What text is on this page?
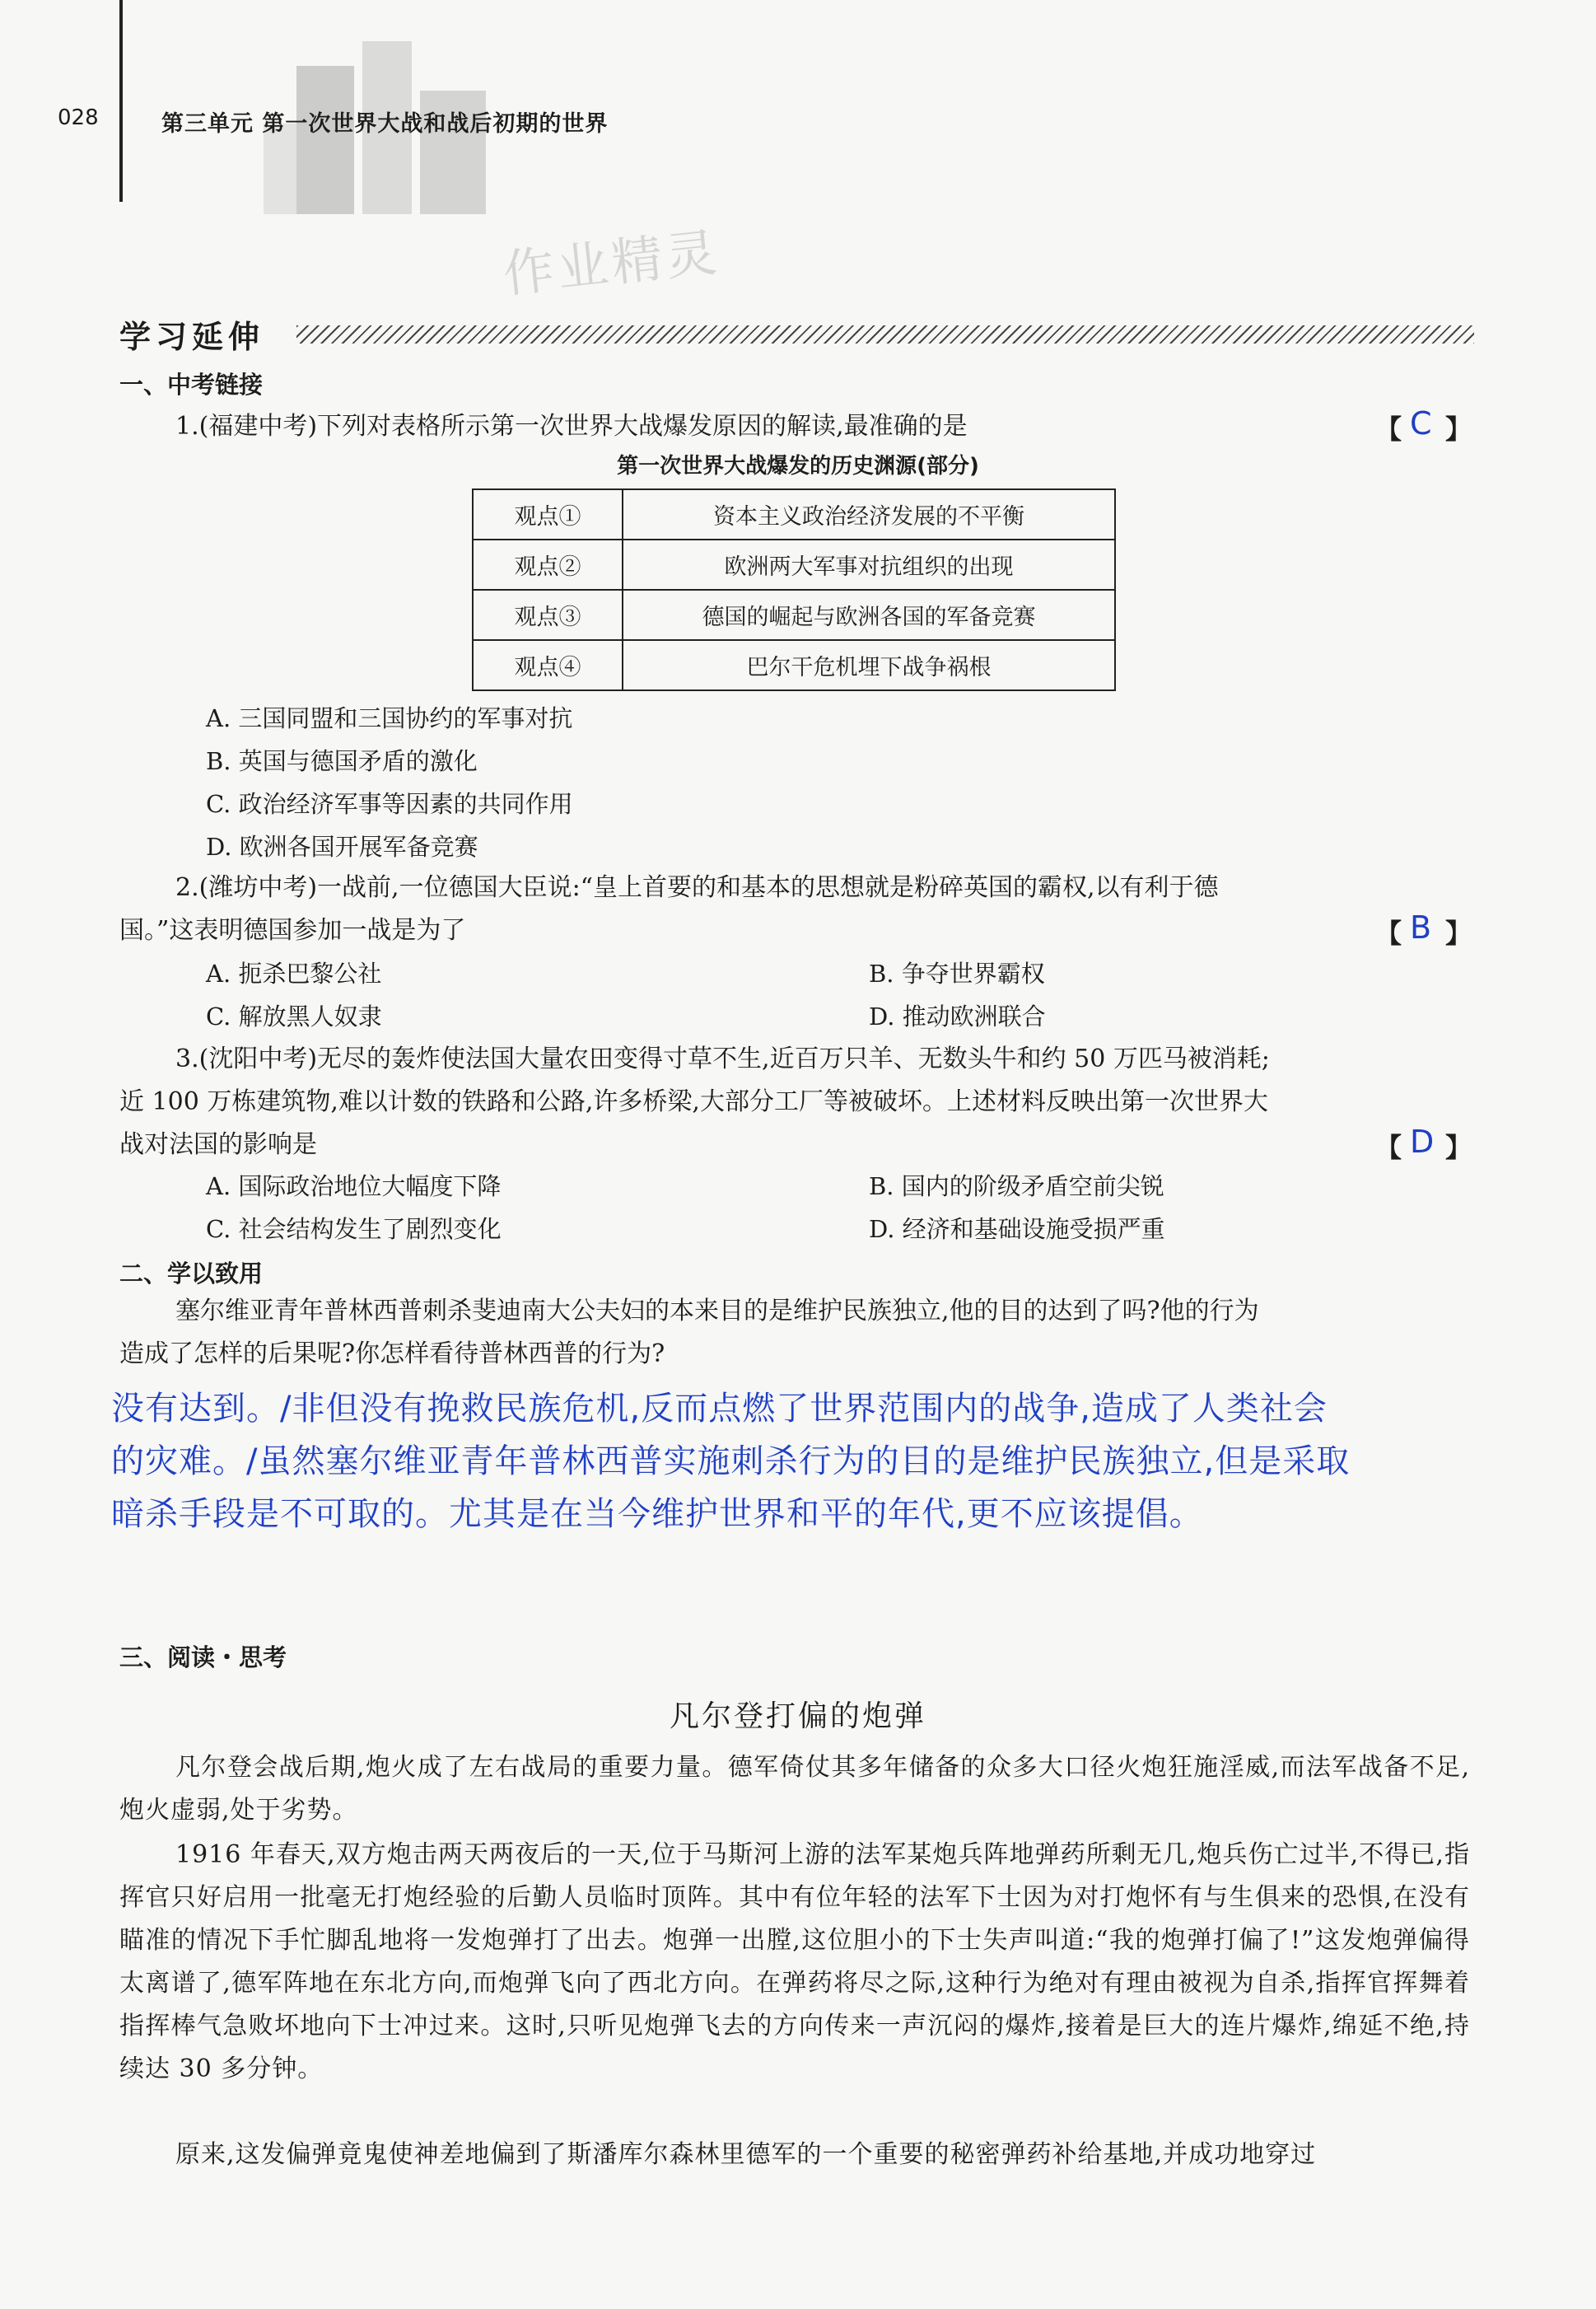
028	第三单元 第一次世界大战和战后初期的世界
作业精灵
学习延伸
一、中考链接
1.(福建中考)下列对表格所示第一次世界大战爆发原因的解读,最准确的是	【 C 】
第一次世界大战爆发的历史渊源(部分)
观点①	资本主义政治经济发展的不平衡
观点②	欧洲两大军事对抗组织的出现
观点③	德国的崛起与欧洲各国的军备竞赛
观点④	巴尔干危机埋下战争祸根
A. 三国同盟和三国协约的军事对抗
B. 英国与德国矛盾的激化
C. 政治经济军事等因素的共同作用
D. 欧洲各国开展军备竞赛
2.(潍坊中考)一战前,一位德国大臣说:“皇上首要的和基本的思想就是粉碎英国的霸权,以有利于德
国。”这表明德国参加一战是为了	【 B 】
A. 扼杀巴黎公社	B. 争夺世界霸权
C. 解放黑人奴隶	D. 推动欧洲联合
3.(沈阳中考)无尽的轰炸使法国大量农田变得寸草不生,近百万只羊、无数头牛和约 50 万匹马被消耗;
近 100 万栋建筑物,难以计数的铁路和公路,许多桥梁,大部分工厂等被破坏。上述材料反映出第一次世界大
战对法国的影响是	【 D 】
A. 国际政治地位大幅度下降	B. 国内的阶级矛盾空前尖锐
C. 社会结构发生了剧烈变化	D. 经济和基础设施受损严重
二、学以致用
塞尔维亚青年普林西普刺杀斐迪南大公夫妇的本来目的是维护民族独立,他的目的达到了吗?他的行为
造成了怎样的后果呢?你怎样看待普林西普的行为?
没有达到。/非但没有挽救民族危机,反而点燃了世界范围内的战争,造成了人类社会
的灾难。/虽然塞尔维亚青年普林西普实施刺杀行为的目的是维护民族独立,但是采取
暗杀手段是不可取的。尤其是在当今维护世界和平的年代,更不应该提倡。
三、阅读・思考
凡尔登打偏的炮弹
凡尔登会战后期,炮火成了左右战局的重要力量。德军倚仗其多年储备的众多大口径火炮狂施淫威,而法军战备不足,炮火虚弱,处于劣势。
1916 年春天,双方炮击两天两夜后的一天,位于马斯河上游的法军某炮兵阵地弹药所剩无几,炮兵伤亡过半,不得已,指挥官只好启用一批毫无打炮经验的后勤人员临时顶阵。其中有位年轻的法军下士因为对打炮怀有与生俱来的恐惧,在没有瞄准的情况下手忙脚乱地将一发炮弹打了出去。炮弹一出膛,这位胆小的下士失声叫道:“我的炮弹打偏了!”这发炮弹偏得太离谱了,德军阵地在东北方向,而炮弹飞向了西北方向。在弹药将尽之际,这种行为绝对有理由被视为自杀,指挥官挥舞着指挥棒气急败坏地向下士冲过来。这时,只听见炮弹飞去的方向传来一声沉闷的爆炸,接着是巨大的连片爆炸,绵延不绝,持续达 30 多分钟。
原来,这发偏弹竟鬼使神差地偏到了斯潘库尔森林里德军的一个重要的秘密弹药补给基地,并成功地穿过
